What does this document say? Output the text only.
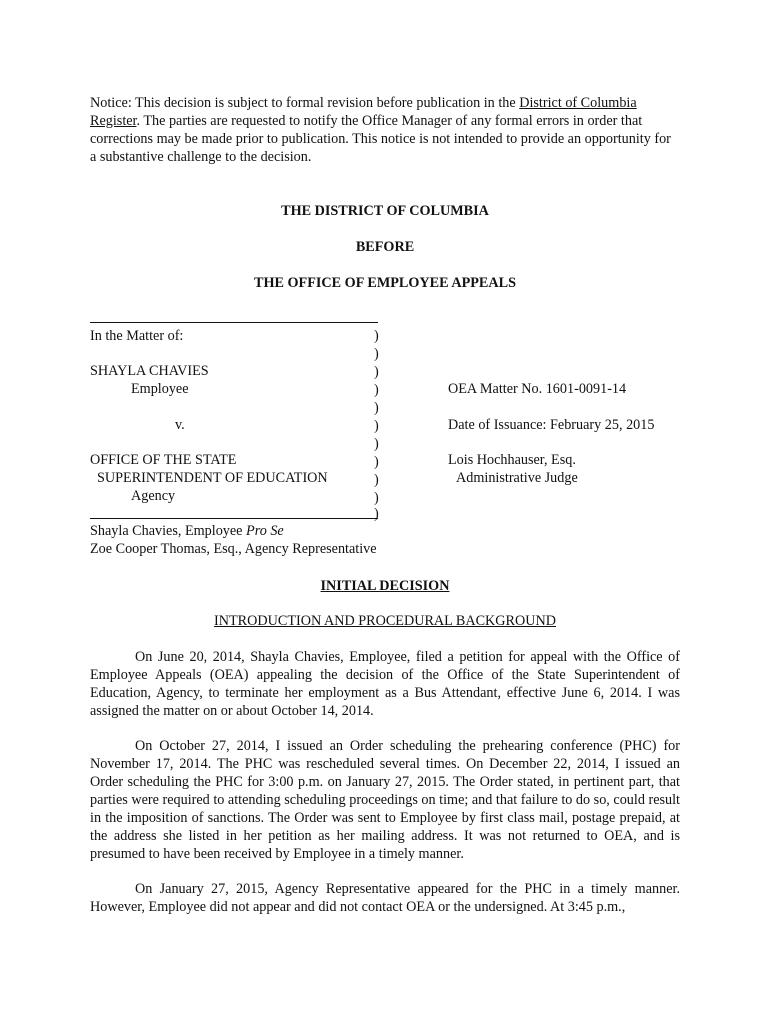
Notice: This decision is subject to formal revision before publication in the District of Columbia Register. The parties are requested to notify the Office Manager of any formal errors in order that corrections may be made prior to publication. This notice is not intended to provide an opportunity for a substantive challenge to the decision.
THE DISTRICT OF COLUMBIA
BEFORE
THE OFFICE OF EMPLOYEE APPEALS
In the Matter of:
SHAYLA CHAVIES
Employee
v.
OFFICE OF THE STATE
SUPERINTENDENT OF EDUCATION
Agency
)
)
)
)
)
)
)
)
)
)
)
OEA Matter No. 1601-0091-14
Date of Issuance: February 25, 2015
Lois Hochhauser, Esq.
Administrative Judge
Shayla Chavies, Employee Pro Se
Zoe Cooper Thomas, Esq., Agency Representative
INITIAL DECISION
INTRODUCTION AND PROCEDURAL BACKGROUND
On June 20, 2014, Shayla Chavies, Employee, filed a petition for appeal with the Office of Employee Appeals (OEA) appealing the decision of the Office of the State Superintendent of Education, Agency, to terminate her employment as a Bus Attendant, effective June 6, 2014. I was assigned the matter on or about October 14, 2014.
On October 27, 2014, I issued an Order scheduling the prehearing conference (PHC) for November 17, 2014. The PHC was rescheduled several times. On December 22, 2014, I issued an Order scheduling the PHC for 3:00 p.m. on January 27, 2015. The Order stated, in pertinent part, that parties were required to attending scheduling proceedings on time; and that failure to do so, could result in the imposition of sanctions. The Order was sent to Employee by first class mail, postage prepaid, at the address she listed in her petition as her mailing address. It was not returned to OEA, and is presumed to have been received by Employee in a timely manner.
On January 27, 2015, Agency Representative appeared for the PHC in a timely manner. However, Employee did not appear and did not contact OEA or the undersigned. At 3:45 p.m.,
